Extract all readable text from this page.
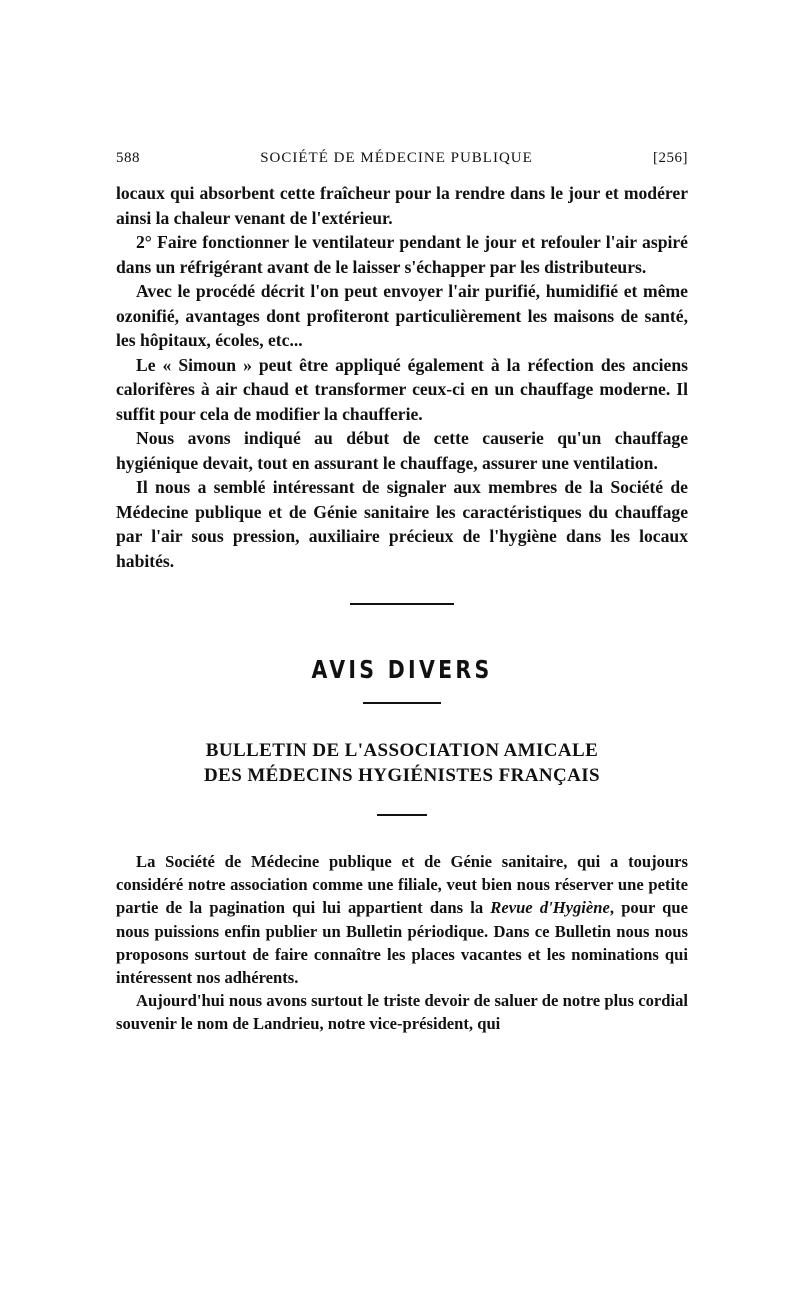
588	SOCIÉTÉ DE MÉDECINE PUBLIQUE	[256]

locaux qui absorbent cette fraîcheur pour la rendre dans le jour et modérer ainsi la chaleur venant de l'extérieur.

2° Faire fonctionner le ventilateur pendant le jour et refouler l'air aspiré dans un réfrigérant avant de le laisser s'échapper par les distributeurs.

Avec le procédé décrit l'on peut envoyer l'air purifié, humidifié et même ozonifié, avantages dont profiteront particulièrement les maisons de santé, les hôpitaux, écoles, etc...

Le « Simoun » peut être appliqué également à la réfection des anciens calorifères à air chaud et transformer ceux-ci en un chauffage moderne. Il suffit pour cela de modifier la chaufferie.

Nous avons indiqué au début de cette causerie qu'un chauffage hygiénique devait, tout en assurant le chauffage, assurer une ventilation.

Il nous a semblé intéressant de signaler aux membres de la Société de Médecine publique et de Génie sanitaire les caractéristiques du chauffage par l'air sous pression, auxiliaire précieux de l'hygiène dans les locaux habités.

AVIS DIVERS
BULLETIN DE L'ASSOCIATION AMICALE
DES MÉDECINS HYGIÉNISTES FRANÇAIS

La Société de Médecine publique et de Génie sanitaire, qui a toujours considéré notre association comme une filiale, veut bien nous réserver une petite partie de la pagination qui lui appartient dans la Revue d'Hygiène, pour que nous puissions enfin publier un Bulletin périodique. Dans ce Bulletin nous nous proposons surtout de faire connaître les places vacantes et les nominations qui intéressent nos adhérents.

Aujourd'hui nous avons surtout le triste devoir de saluer de notre plus cordial souvenir le nom de Landrieu, notre vice-président, qui
